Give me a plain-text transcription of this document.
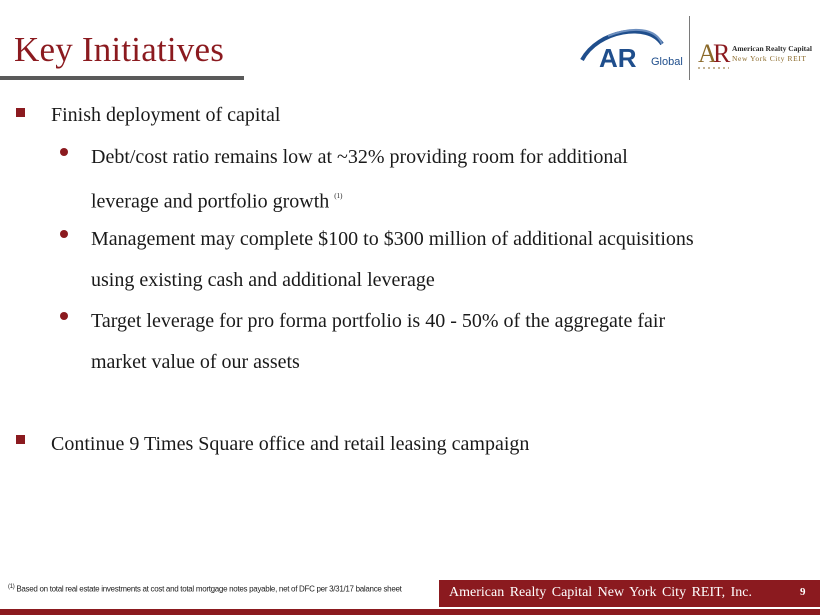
Key Initiatives	AR Global A
R American Realty Capital
New York City REIT
Finish deployment of capital
Debt/cost ratio remains low at ~32% providing room for additional
leverage and portfolio growth $^{(1)}$
Management may complete $100 to $300 million of additional acquisitions
using existing cash and additional leverage
Target leverage for pro forma portfolio is 40 - 50% of the aggregate fair
market value of our assets
Continue 9 Times Square office and retail leasing campaign
$^{(1)}$ Based on total real estate investments at cost and total mortgage notes payable, net of DFC per 3/31/17 balance sheet	American Realty Capital New York City REIT, Inc.	9
